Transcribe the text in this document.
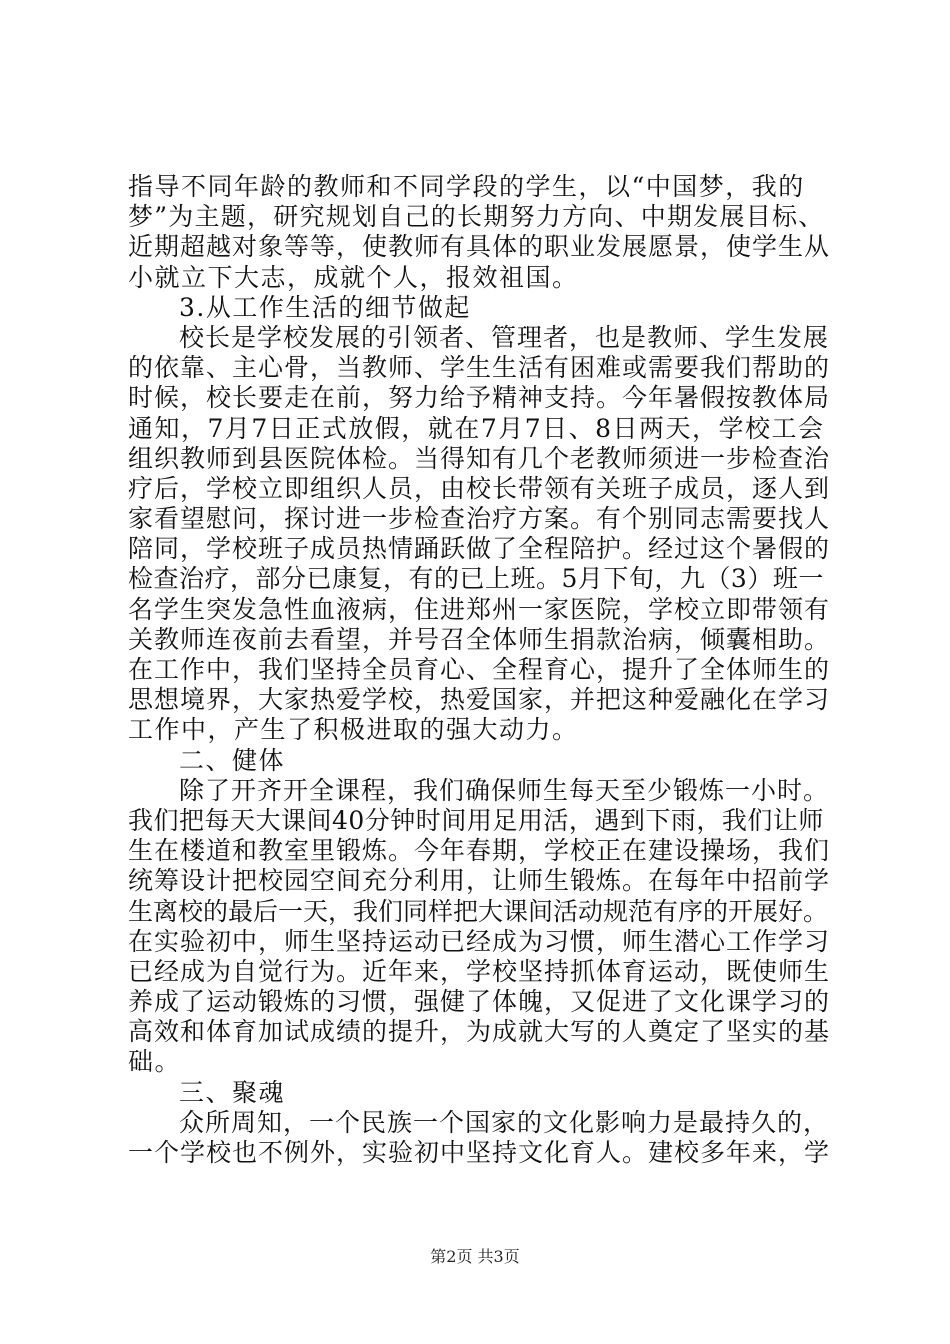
指导不同年龄的教师和不同学段的学生，以“中国梦，我的
梦”为主题，研究规划自己的长期努力方向、中期发展目标、
近期超越对象等等，使教师有具体的职业发展愿景，使学生从
小就立下大志，成就个人，报效祖国。
3.从工作生活的细节做起
校长是学校发展的引领者、管理者，也是教师、学生发展
的依靠、主心骨，当教师、学生生活有困难或需要我们帮助的
时候，校长要走在前，努力给予精神支持。今年暑假按教体局
通知，7月7日正式放假，就在7月7日、8日两天，学校工会
组织教师到县医院体检。当得知有几个老教师须进一步检查治
疗后，学校立即组织人员，由校长带领有关班子成员，逐人到
家看望慰问，探讨进一步检查治疗方案。有个别同志需要找人
陪同，学校班子成员热情踊跃做了全程陪护。经过这个暑假的
检查治疗，部分已康复，有的已上班。5月下旬，九（3）班一
名学生突发急性血液病，住进郑州一家医院，学校立即带领有
关教师连夜前去看望，并号召全体师生捐款治病，倾囊相助。
在工作中，我们坚持全员育心、全程育心，提升了全体师生的
思想境界，大家热爱学校，热爱国家，并把这种爱融化在学习
工作中，产生了积极进取的强大动力。
二、健体
除了开齐开全课程，我们确保师生每天至少锻炼一小时。
我们把每天大课间40分钟时间用足用活，遇到下雨，我们让师
生在楼道和教室里锻炼。今年春期，学校正在建设操场，我们
统筹设计把校园空间充分利用，让师生锻炼。在每年中招前学
生离校的最后一天，我们同样把大课间活动规范有序的开展好。
在实验初中，师生坚持运动已经成为习惯，师生潜心工作学习
已经成为自觉行为。近年来，学校坚持抓体育运动，既使师生
养成了运动锻炼的习惯，强健了体魄，又促进了文化课学习的
高效和体育加试成绩的提升，为成就大写的人奠定了坚实的基
础。
三、聚魂
众所周知，一个民族一个国家的文化影响力是最持久的，
一个学校也不例外，实验初中坚持文化育人。建校多年来，学
第2页 共3页
